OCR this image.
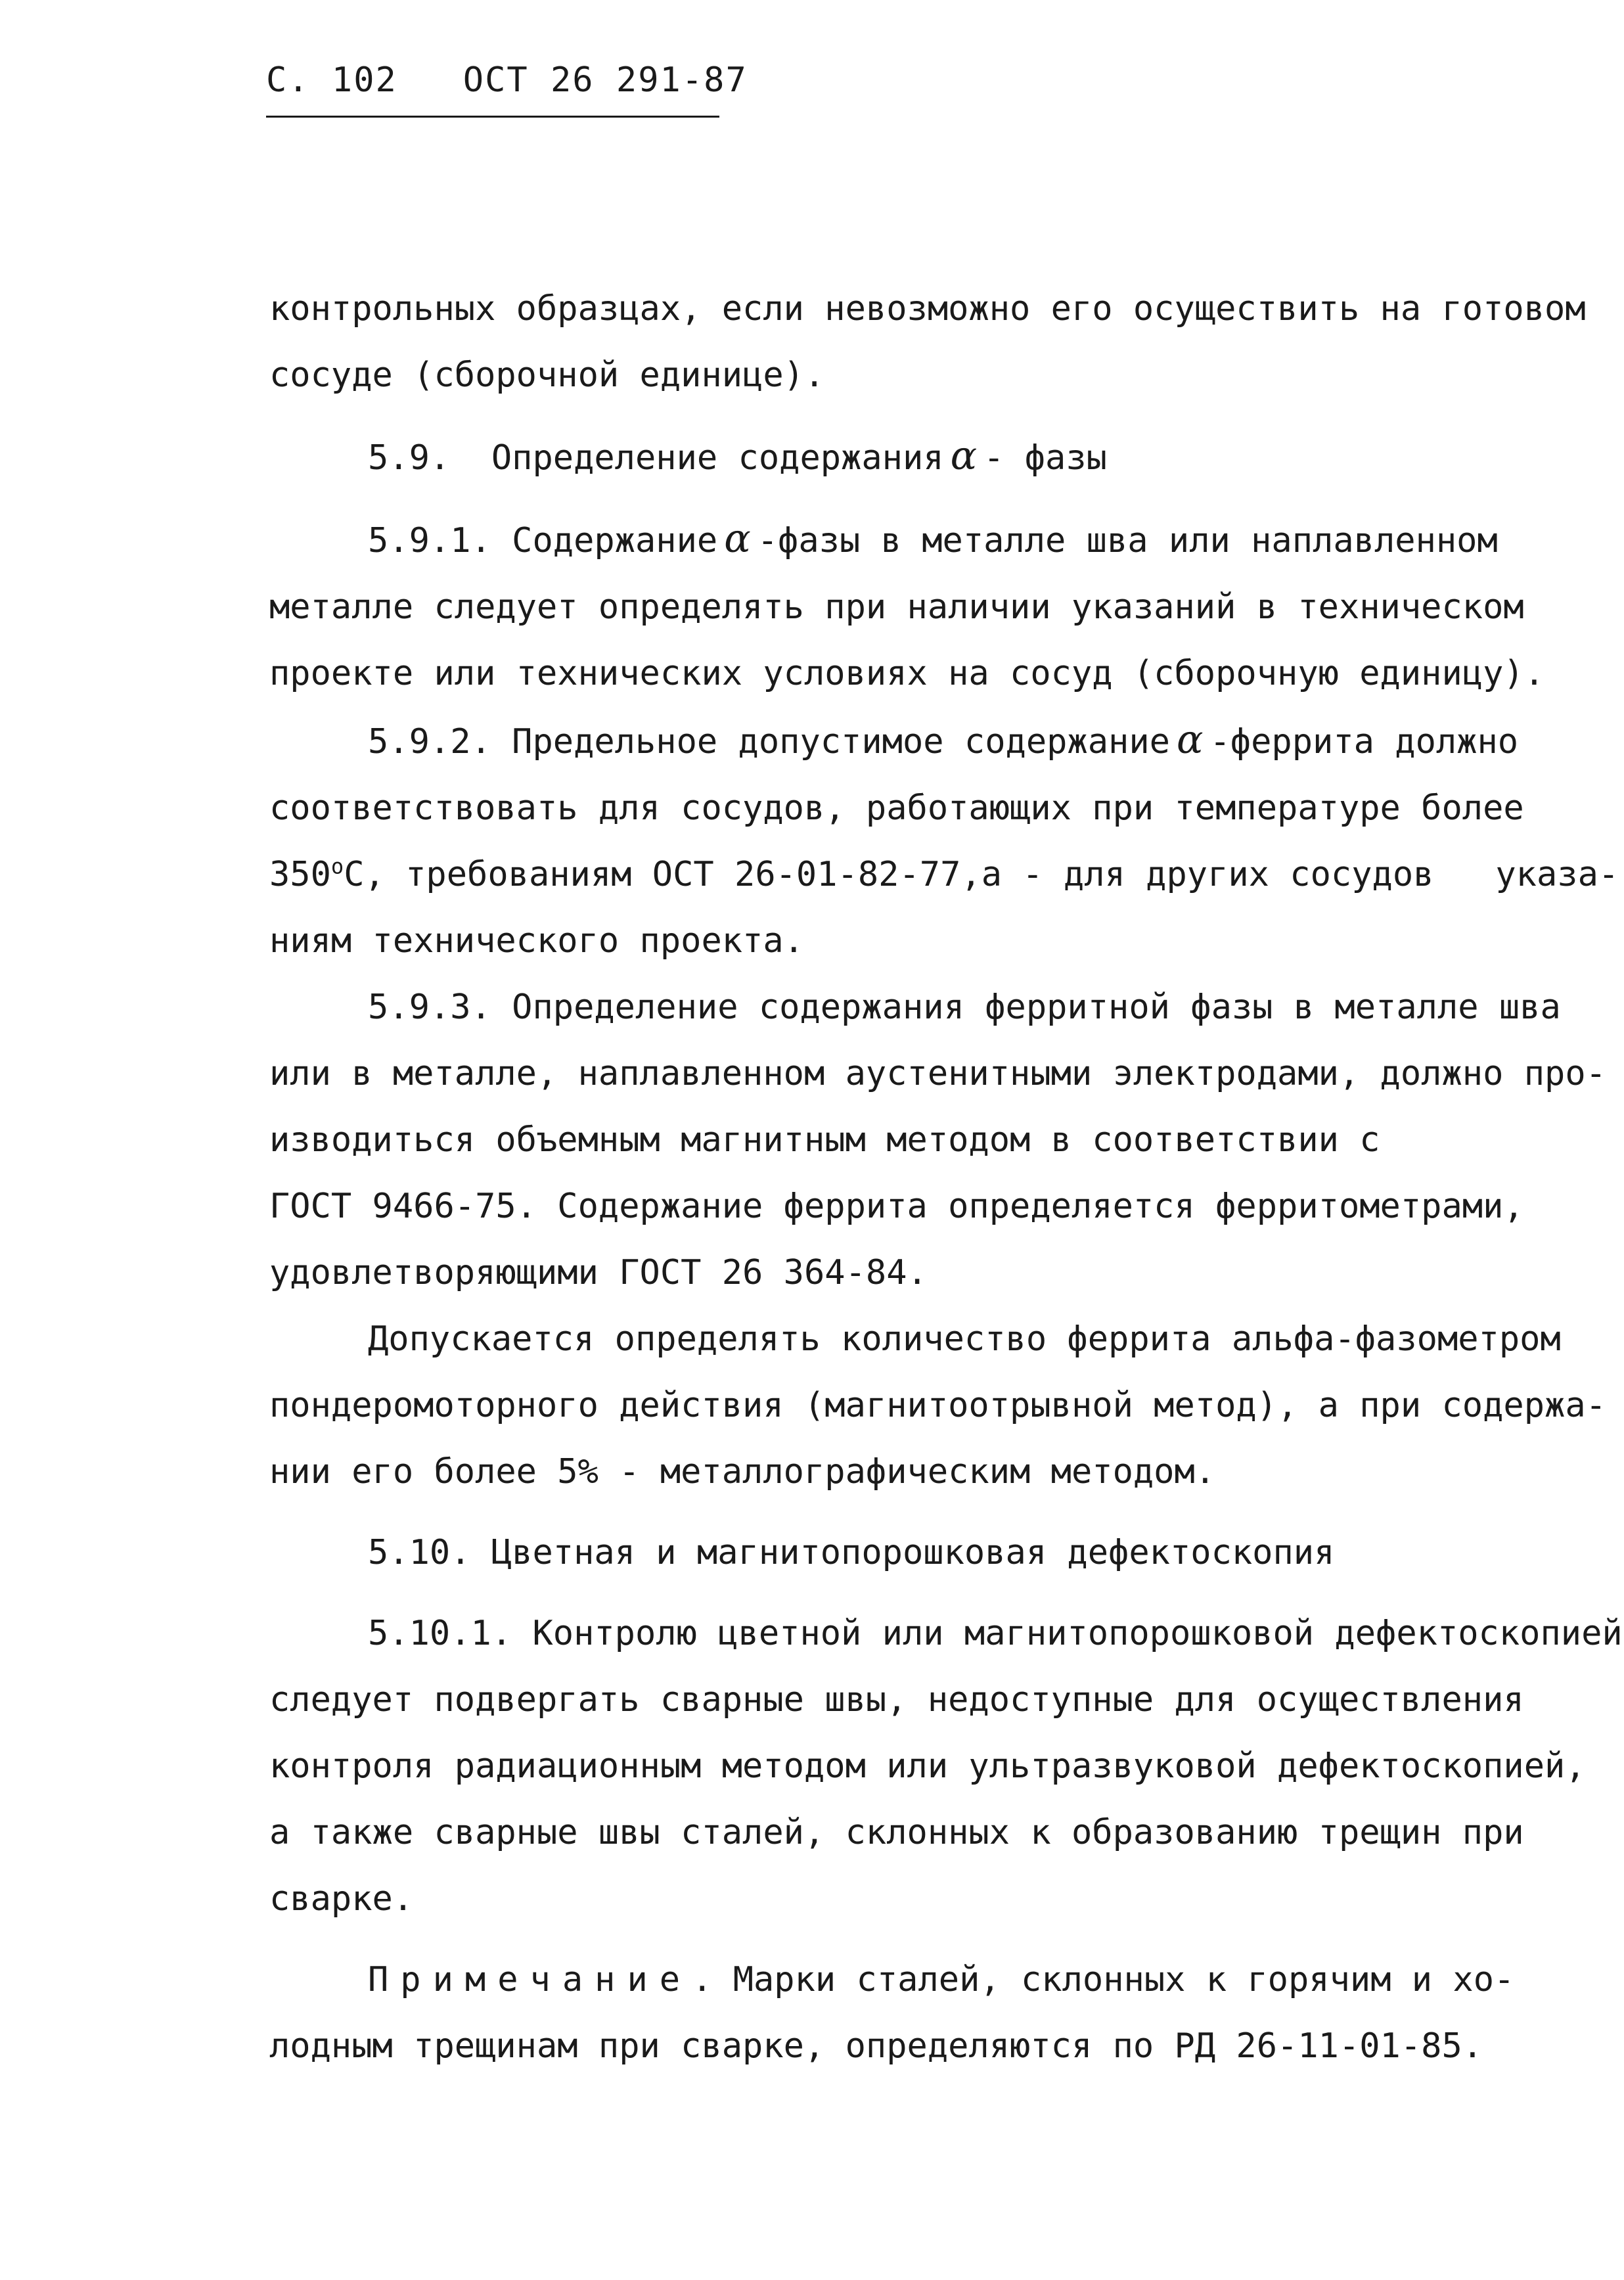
С. 102   ОСТ 26 291-87
контрольных образцах, если невозможно его осуществить на готовом
сосуде (сборочной единице).
5.9.  Определение содержания α - фазы
5.9.1. Содержание α -фазы в металле шва или наплавленном
металле следует определять при наличии указаний в техническом
проекте или технических условиях на сосуд (сборочную единицу).
5.9.2. Предельное допустимое содержание α -феррита должно
соответствовать для сосудов, работающих при температуре более
$350^оС$, требованиям ОСТ 26-01-82-77,а - для других сосудов   указа-
ниям технического проекта.
5.9.3. Определение содержания ферритной фазы в металле шва
или в металле, наплавленном аустенитными электродами, должно про-
изводиться объемным магнитным методом в соответствии с
ГОСТ 9466-75. Содержание феррита определяется ферритометрами,
удовлетворяющими ГОСТ 26 364-84.
Допускается определять количество феррита альфа-фазометром
пондеромоторного действия (магнитоотрывной метод), а при содержа-
нии его более 5% - металлографическим методом.
5.10. Цветная и магнитопорошковая дефектоскопия
5.10.1. Контролю цветной или магнитопорошковой дефектоскопией
следует подвергать сварные швы, недоступные для осуществления
контроля радиационным методом или ультразвуковой дефектоскопией,
а также сварные швы сталей, склонных к образованию трещин при
сварке.
Примечание. Марки сталей, склонных к горячим и хо-
лодным трещинам при сварке, определяются по РД 26-11-01-85.
